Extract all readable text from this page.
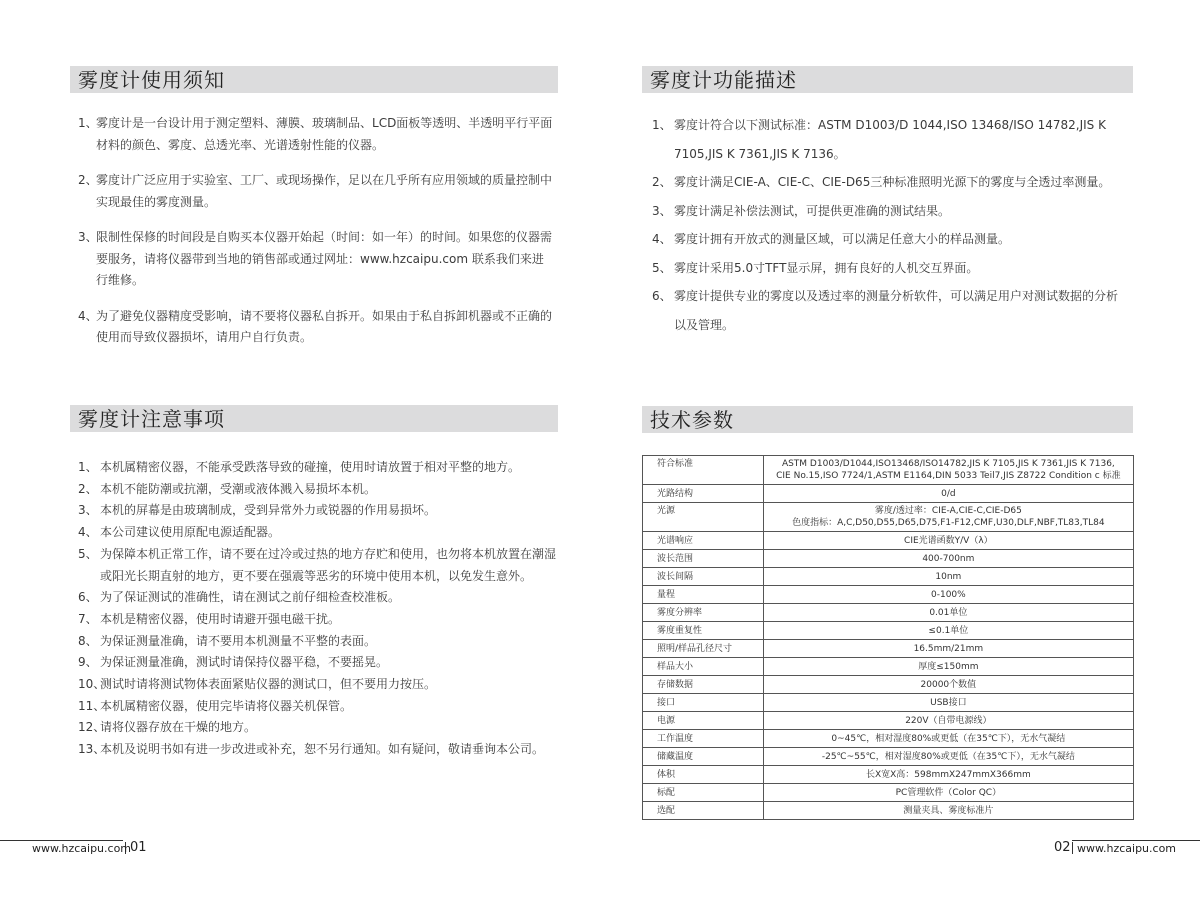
雾度计使用须知
1、
雾度计是一台设计用于测定塑料、薄膜、玻璃制品、LCD面板等透明、半透明平行平面材料的颜色、雾度、总透光率、光谱透射性能的仪器。
2、
雾度计广泛应用于实验室、工厂、或现场操作，足以在几乎所有应用领域的质量控制中实现最佳的雾度测量。
3、
限制性保修的时间段是自购买本仪器开始起（时间：如一年）的时间。如果您的仪器需要服务，请将仪器带到当地的销售部或通过网址：www.hzcaipu.com 联系我们来进行维修。
4、
为了避免仪器精度受影响，请不要将仪器私自拆开。如果由于私自拆卸机器或不正确的使用而导致仪器损坏，请用户自行负责。
雾度计功能描述
1、 雾度计符合以下测试标准：ASTM D1003/D 1044,ISO 13468/ISO 14782,JIS K 7105,JIS K 7361,JIS K 7136。
2、 雾度计满足CIE-A、CIE-C、CIE-D65三种标准照明光源下的雾度与全透过率测量。
3、 雾度计满足补偿法测试，可提供更准确的测试结果。
4、 雾度计拥有开放式的测量区域，可以满足任意大小的样品测量。
5、 雾度计采用5.0寸TFT显示屏，拥有良好的人机交互界面。
6、 雾度计提供专业的雾度以及透过率的测量分析软件，可以满足用户对测试数据的分析以及管理。
雾度计注意事项
1、 本机属精密仪器，不能承受跌落导致的碰撞，使用时请放置于相对平整的地方。
2、 本机不能防潮或抗潮，受潮或液体溅入易损坏本机。
3、 本机的屏幕是由玻璃制成，受到异常外力或锐器的作用易损坏。
4、 本公司建议使用原配电源适配器。
5、 为保障本机正常工作，请不要在过冷或过热的地方存贮和使用，也勿将本机放置在潮湿或阳光长期直射的地方，更不要在强震等恶劣的环境中使用本机，以免发生意外。
6、 为了保证测试的准确性，请在测试之前仔细检查校准板。
7、 本机是精密仪器，使用时请避开强电磁干扰。
8、 为保证测量准确，请不要用本机测量不平整的表面。
9、 为保证测量准确，测试时请保持仪器平稳，不要摇晃。
10、
测试时请将测试物体表面紧贴仪器的测试口，但不要用力按压。
11、
本机属精密仪器，使用完毕请将仪器关机保管。
12、
请将仪器存放在干燥的地方。
13、
本机及说明书如有进一步改进或补充，恕不另行通知。如有疑问，敬请垂询本公司。
技术参数
符合标准	ASTM D1003/D1044,ISO13468/ISO14782,JIS K 7105,JIS K 7361,JIS K 7136,
CIE No.15,ISO 7724/1,ASTM E1164,DIN 5033 Teil7,JIS Z8722 Condition c 标准

光路结构	0/d

光源	雾度/透过率：CIE-A,CIE-C,CIE-D65
色度指标：A,C,D50,D55,D65,D75,F1-F12,CMF,U30,DLF,NBF,TL83,TL84

光谱响应	CIE光谱函数Y/V（λ）

波长范围	400-700nm

波长间隔	10nm

量程	0-100%

雾度分辨率	0.01单位

雾度重复性	≤0.1单位

照明/样品孔径尺寸	16.5mm/21mm

样品大小	厚度≤150mm

存储数据	20000个数值

接口	USB接口

电源	220V（自带电源线）

工作温度	0~45℃，相对湿度80%或更低（在35℃下），无水气凝结

储藏温度	-25℃~55℃，相对湿度80%或更低（在35℃下），无水气凝结

体积	长X宽X高：598mmX247mmX366mm

标配	PC管理软件（Color QC）

选配	测量夹具、雾度标准片
www.hzcaipu.com
01	02 www.hzcaipu.com
